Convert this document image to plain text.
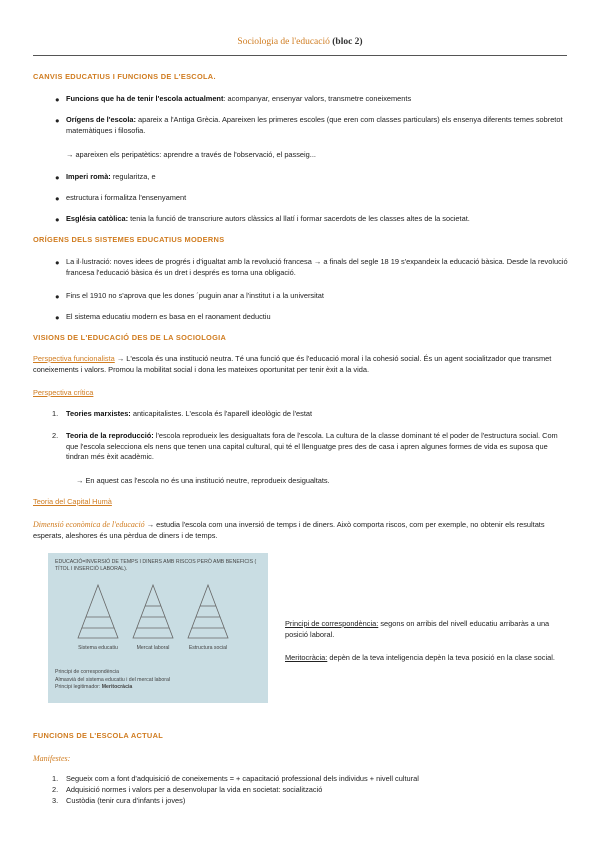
Sociologia de l'educació (bloc 2)
CANVIS EDUCATIUS I FUNCIONS DE L'ESCOLA.
● Funcions que ha de tenir l'escola actualment: acompanyar, ensenyar valors, transmetre coneixements
● Orígens de l'escola: apareix a l'Antiga Grècia. Apareixen les primeres escoles (que eren com classes particulars) els ensenya diferents temes sobretot matemàtiques i filosofia.
→ apareixen els peripatètics: aprendre a través de l'observació, el passeig...
● Imperi romà: regularitza, e
● estructura i formalitza l'ensenyament
● Església catòlica: tenia la funció de transcriure autors clàssics al llatí i formar sacerdots de les classes altes de la societat.
ORÍGENS DELS SISTEMES EDUCATIUS MODERNS
● La il·lustració: noves idees de progrés i d'igualtat amb la revolució francesa → a finals del segle 18 19 s'expandeix la educació bàsica. Desde la revolució francesa l'educació bàsica és un dret i després es torna una obligació.
● Fins el 1910 no s'aprova que les dones ´puguin anar a l'institut i a la universitat
● El sistema educatiu modern es basa en el raonament deductiu
VISIONS DE L'EDUCACIÓ DES DE LA SOCIOLOGIA
Perspectiva funcionalista → L'escola és una institució neutra. Té una funció que és l'educació moral i la cohesió social. És un agent socialitzador que transmet coneixements i valors. Promou la mobilitat social i dona les mateixes oportunitat per tenir èxit a la vida.
Perspectiva crítica
1.	Teories marxistes: anticapitalistes. L'escola és l'aparell ideològic de l'estat
2.	Teoria de la reproducció: l'escola reprodueix les desigualtats fora de l'escola. La cultura de la classe dominant té el poder de l'estructura social. Com que l'escola selecciona els nens que tenen una capital cultural, qui té el llenguatge pres des de casa i apren algunes formes de vida es suposa que tindran més èxit acadèmic.
→ En aquest cas l'escola no és una institució neutre, reprodueix desigualtats.
Teoria del Capital Humà
Dimensió econòmica de l'educació → estudia l'escola com una inversió de temps i de diners. Això comporta riscos, com per exemple, no obtenir els resultats esperats, aleshores és una pèrdua de diners i de temps.
EDUCACIÓ=INVERSIÓ DE TEMPS I DINERS AMB RISCOS PERÒ AMB BENEFICIS ( TÍTOL I INSERCIÓ LABORAL).
Sistema educatiu	Mercat laboral	Estructura social
Principi de correspondència
Almasvià del sistema educatiu i del mercat laboral
Principi legitimador: Meritocràcia
Principi de correspondència: segons on arribis del nivell educatiu arribaràs a una posició laboral.
Meritocràcia: depèn de la teva inteligencia depèn la teva posició en la clase social.
FUNCIONS DE L'ESCOLA ACTUAL
Manifestes:
1.	Segueix com a font d'adquisició de coneixements = + capacitació professional dels individus + nivell cultural
2.	Adquisició normes i valors per a desenvolupar la vida en societat: socialització
3.	Custòdia (tenir cura d'infants i joves)
